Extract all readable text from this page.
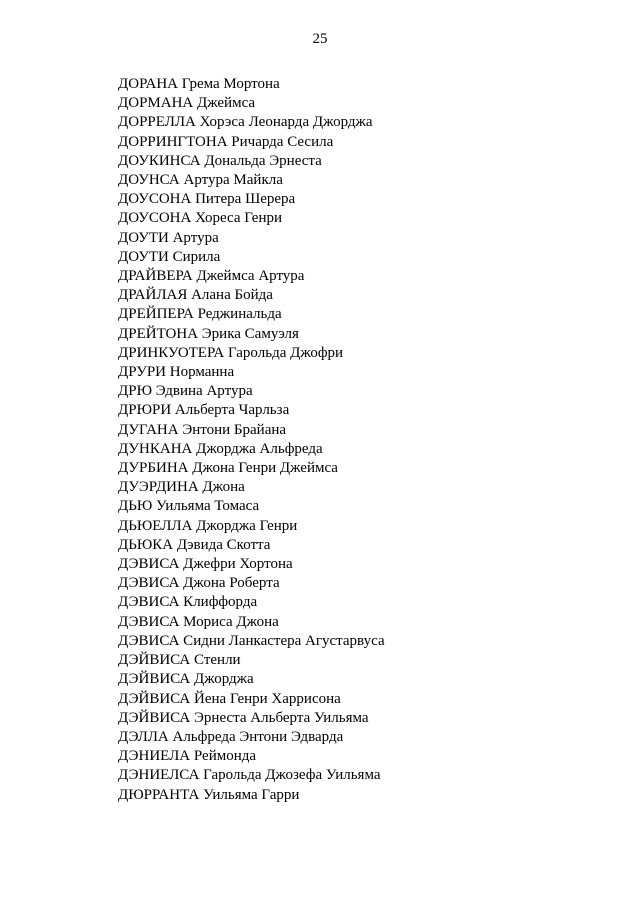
25
ДОРАНА Грема Мортона
ДОРМАНА Джеймса
ДОРРЕЛЛА Хорэса Леонарда Джорджа
ДОРРИНГТОНА Ричарда Сесила
ДОУКИНСА Дональда Эрнеста
ДОУНСА Артура Майкла
ДОУСОНА Питера Шерера
ДОУСОНА Хореса Генри
ДОУТИ Артура
ДОУТИ Сирила
ДРАЙВЕРА Джеймса Артура
ДРАЙЛАЯ Алана Бойда
ДРЕЙПЕРА Реджинальда
ДРЕЙТОНА Эрика Самуэля
ДРИНКУОТЕРА Гарольда Джофри
ДРУРИ Норманна
ДРЮ Эдвина Артура
ДРЮРИ Альберта Чарльза
ДУГАНА Энтони Брайана
ДУНКАНА Джорджа Альфреда
ДУРБИНА Джона Генри Джеймса
ДУЭРДИНА Джона
ДЬЮ Уильяма Томаса
ДЬЮЕЛЛА Джорджа Генри
ДЬЮКА Дэвида Скотта
ДЭВИСА Джефри Хортона
ДЭВИСА Джона Роберта
ДЭВИСА Клиффорда
ДЭВИСА Мориса Джона
ДЭВИСА Сидни Ланкастера Агустарвуса
ДЭЙВИСА Стенли
ДЭЙВИСА Джорджа
ДЭЙВИСА Йена Генри Харрисона
ДЭЙВИСА Эрнеста Альберта Уильяма
ДЭЛЛА Альфреда Энтони Эдварда
ДЭНИЕЛА Реймонда
ДЭНИЕЛСА Гарольда Джозефа Уильяма
ДЮРРАНТА Уильяма Гарри
